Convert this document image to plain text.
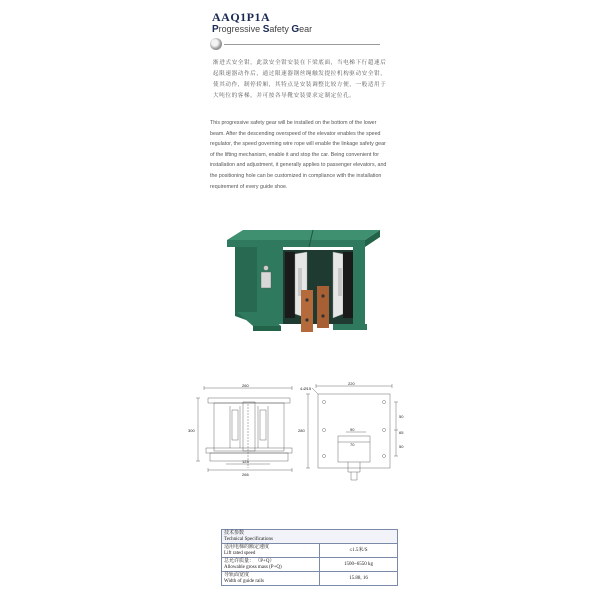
AAQ1P1A
Progressive Safety Gear
渐进式安全钳，此款安全钳安装在下梁底面，当电梯下行超速后
起限速器动作后，通过限速器钢丝绳触发提拉机构驱动安全钳，
使其动作，制停轿厢，其特点是安装调整比较方便，一般适用于
大吨位的客梯，并可按各导靴安装要求定制定位孔。
This progressive safety gear will be installed on the bottom of the lower
beam. After the descending overspeed of the elevator enables the speed
regulator, the speed governing wire rope will enable the linkage safety gear
of the lifting mechanism, enable it and stop the car. Being convenient for
installation and adjustment, it generally applies to passenger elevators, and
the positioning hole can be customized in compliance with the installation
requirement of every guide shoe.
260
300
266
123
220
280
50
65
50
90
70
4-Ø15
技术参数
Technical Specifications	

适用电梯的额定速度
Lift rated speed	≤1.5米/S

总允许质量： （P+Q）
Allowable gross mass (P+Q)	1500~6550 kg

导轨面宽度
Width of guide rails	15.88, 16
